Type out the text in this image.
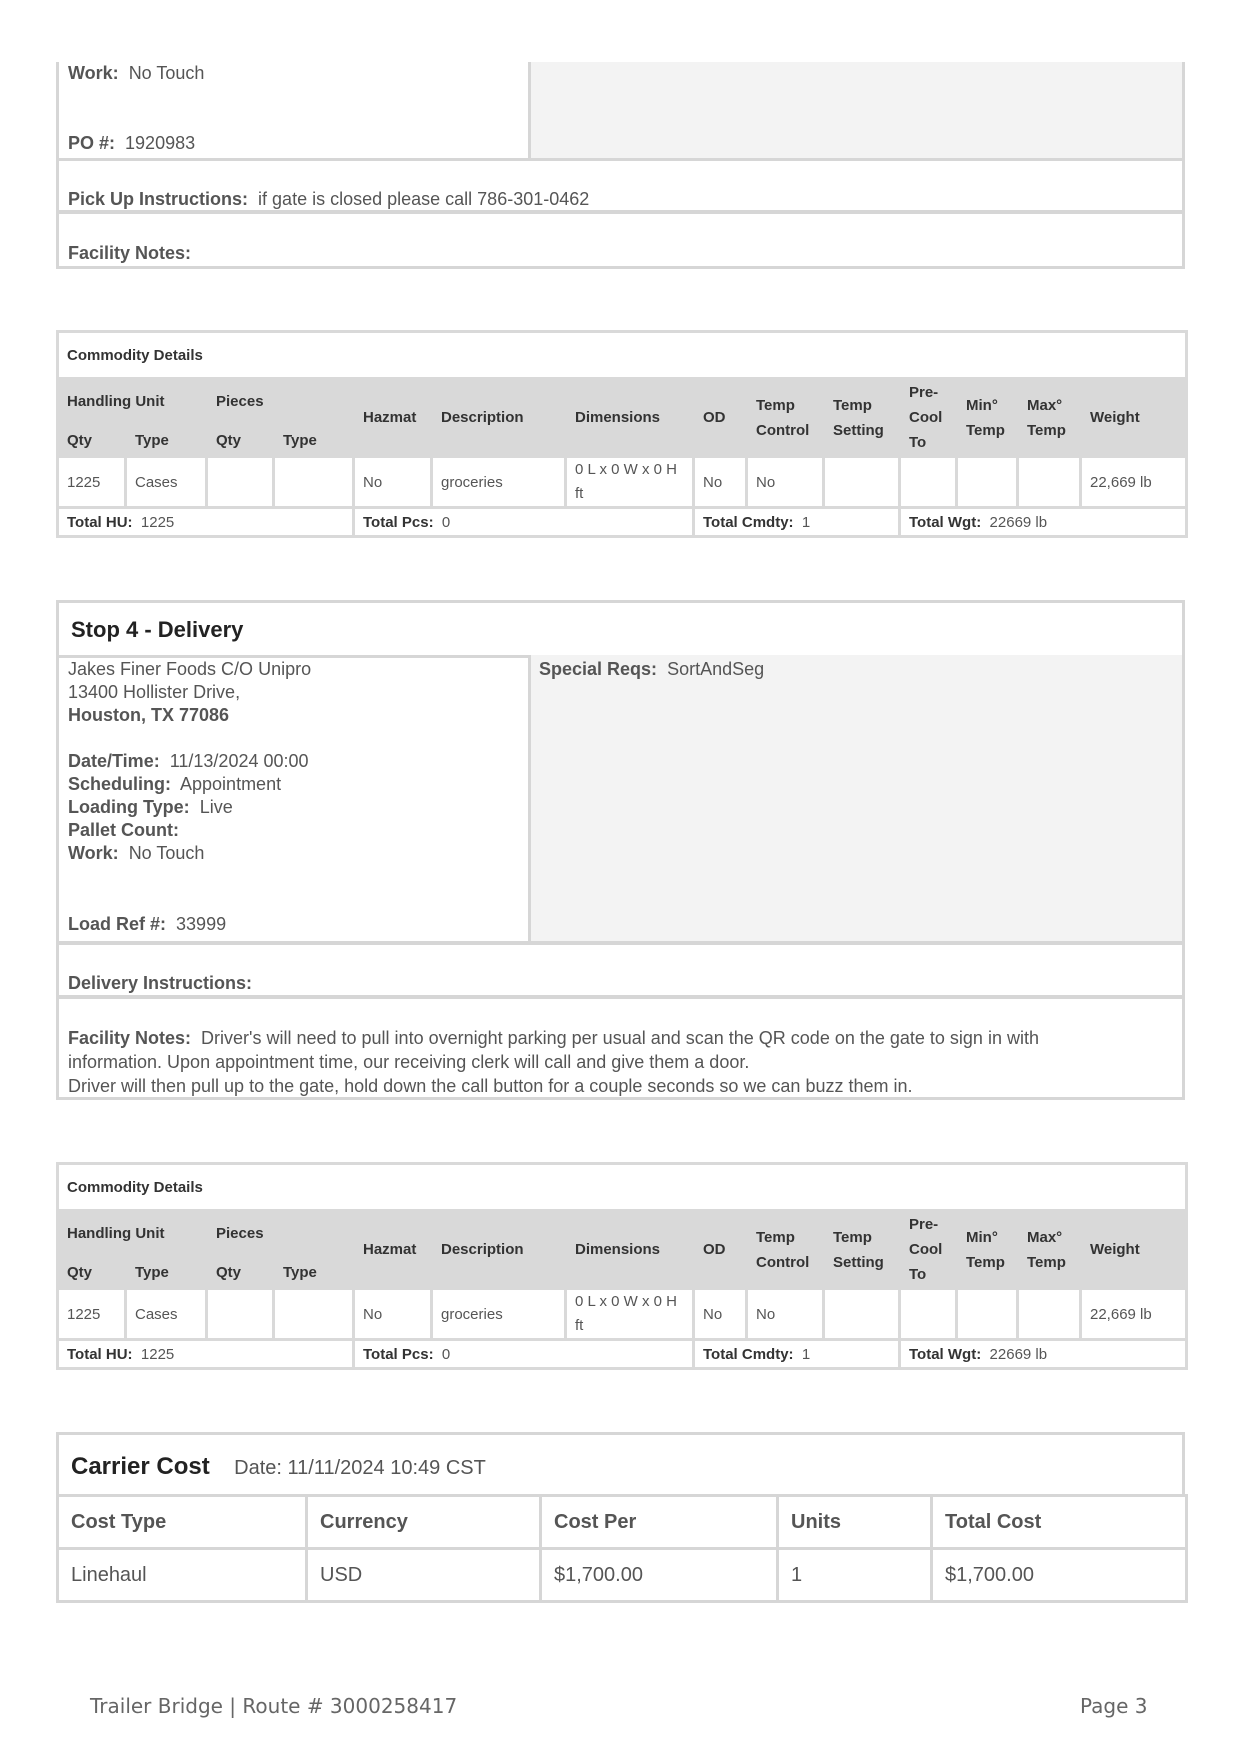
Work: No Touch
PO #: 1920983
Pick Up Instructions: if gate is closed please call 786-301-0462
Facility Notes:
Commodity Details													
Handling Unit		Pieces		Hazmat	Description	Dimensions	OD	Temp Control	Temp Setting	Pre-Cool To	Min° Temp	Max° Temp	Weight
Qty	Type	Qty	Type										
1225	Cases			No	groceries	0 L x 0 W x 0 H ft	No	No					22,669 lb
Total HU: 1225				Total Pcs: 0			Total Cmdty: 1			Total Wgt: 22669 lb			
Stop 4 - Delivery
Special Reqs: SortAndSeg
Jakes Finer Foods C/O Unipro
13400 Hollister Drive,
Houston, TX 77086
Date/Time: 11/13/2024 00:00
Scheduling: Appointment
Loading Type: Live
Pallet Count:
Work: No Touch
Load Ref #: 33999
Delivery Instructions:
Facility Notes: Driver's will need to pull into overnight parking per usual and scan the QR code on the gate to sign in with
information. Upon appointment time, our receiving clerk will call and give them a door.
Driver will then pull up to the gate, hold down the call button for a couple seconds so we can buzz them in.
Commodity Details													
Handling Unit		Pieces		Hazmat	Description	Dimensions	OD	Temp Control	Temp Setting	Pre-Cool To	Min° Temp	Max° Temp	Weight
Qty	Type	Qty	Type										
1225	Cases			No	groceries	0 L x 0 W x 0 H ft	No	No					22,669 lb
Total HU: 1225				Total Pcs: 0			Total Cmdty: 1			Total Wgt: 22669 lb			
Carrier Cost Date: 11/11/2024 10:49 CST
Cost Type	Currency	Cost Per	Units	Total Cost
Linehaul	USD	$1,700.00	1	$1,700.00
Trailer Bridge | Route # 3000258417	Page 3
